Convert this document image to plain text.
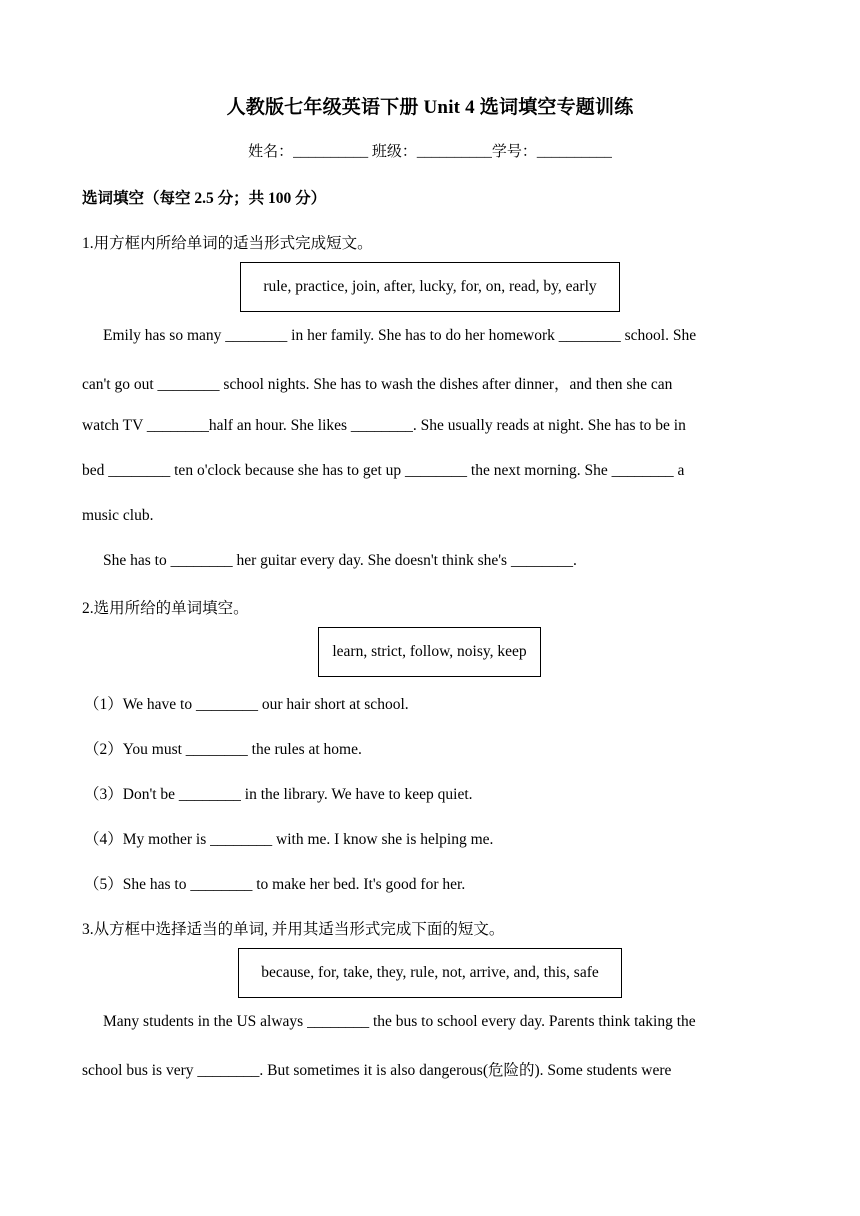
人教版七年级英语下册 Unit 4 选词填空专题训练
姓名：__________ 班级：__________学号：__________
选词填空（每空 2.5 分；共 100 分）
1.用方框内所给单词的适当形式完成短文。
rule, practice, join, after, lucky, for, on, read, by, early
Emily has so many ________ in her family. She has to do her homework ________ school. She
can't go out ________ school nights. She has to wash the dishes after dinner，and then she can
watch TV ________half an hour. She likes ________. She usually reads at night. She has to be in
bed ________ ten o'clock because she has to get up ________ the next morning. She ________ a
music club.
She has to ________ her guitar every day. She doesn't think she's ________.
2.选用所给的单词填空。
learn, strict, follow, noisy, keep
（1）We have to ________ our hair short at school.
（2）You must ________ the rules at home.
（3）Don't be ________ in the library. We have to keep quiet.
（4）My mother is ________ with me. I know she is helping me.
（5）She has to ________ to make her bed. It's good for her.
3.从方框中选择适当的单词, 并用其适当形式完成下面的短文。
because, for, take, they, rule, not, arrive, and, this, safe
Many students in the US always ________ the bus to school every day. Parents think taking the
school bus is very ________. But sometimes it is also dangerous(危险的). Some students were
